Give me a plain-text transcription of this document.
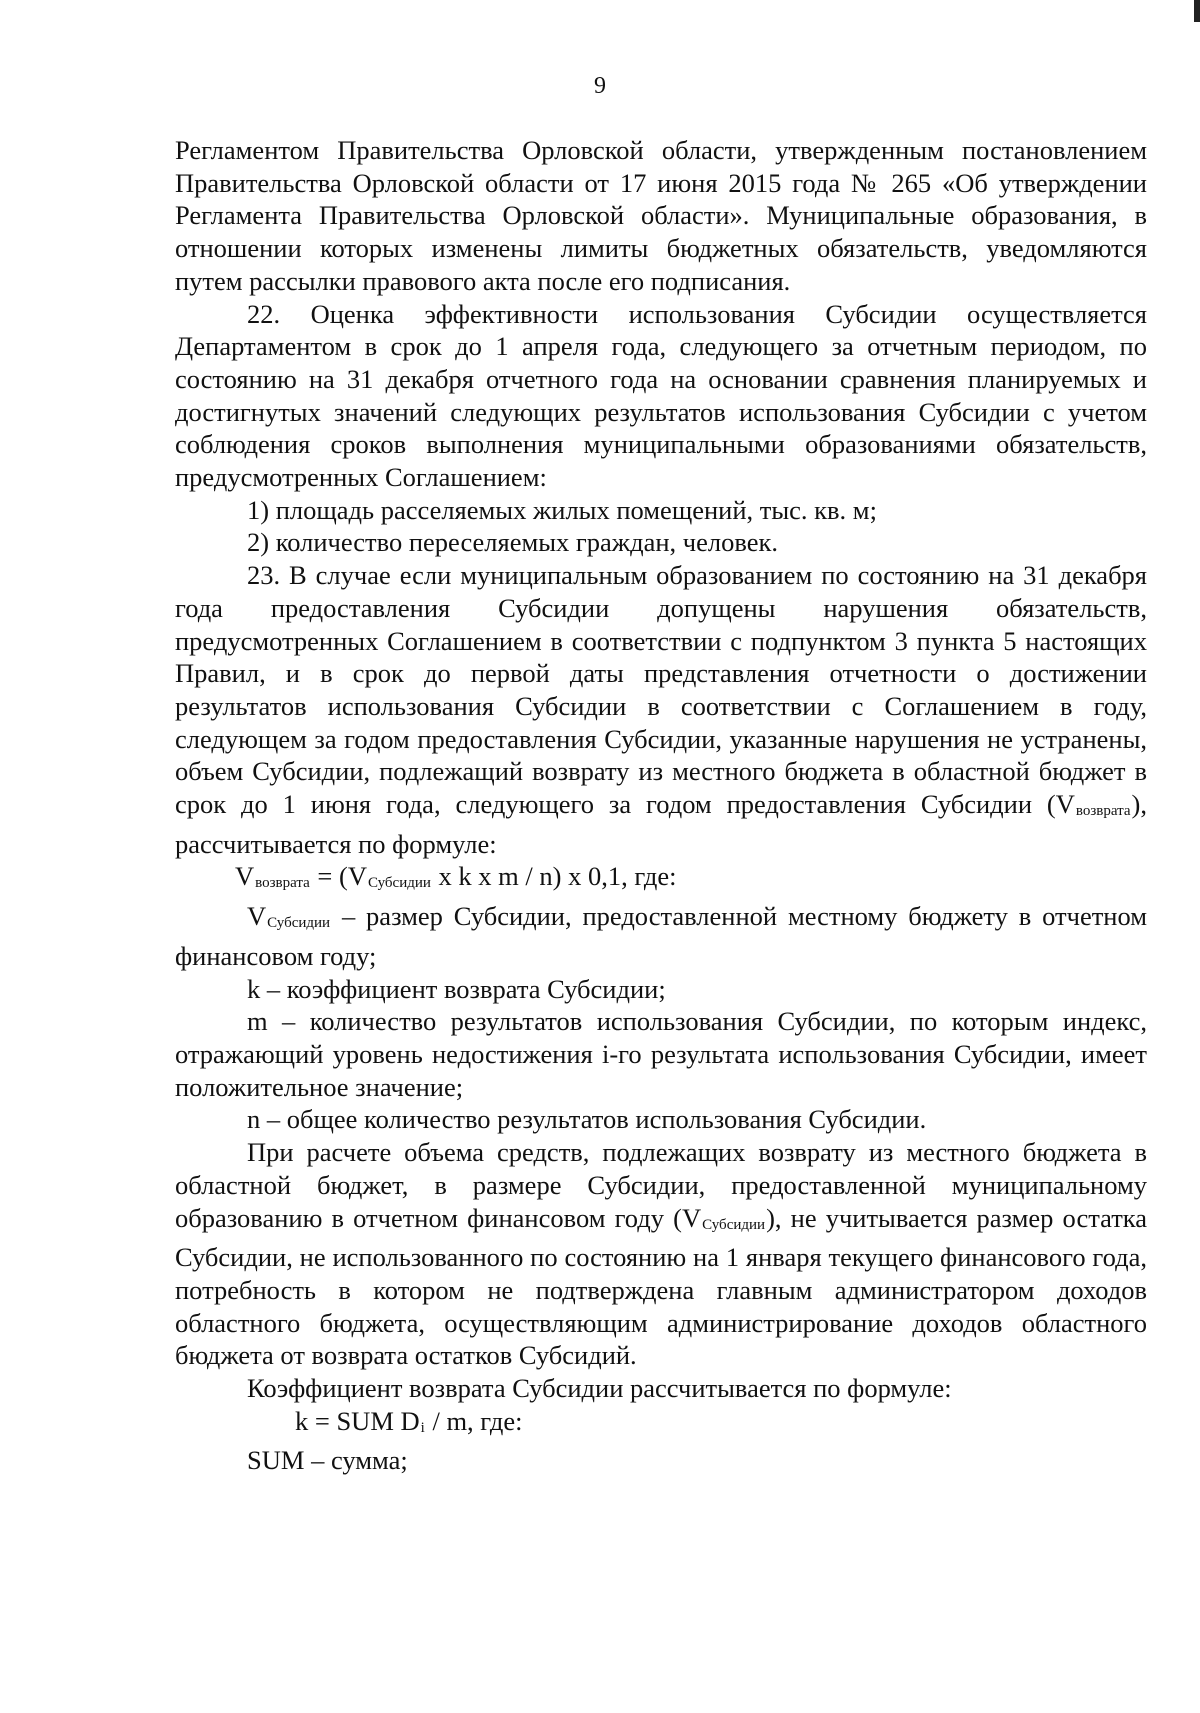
9

Регламентом Правительства Орловской области, утвержденным постановлением Правительства Орловской области от 17 июня 2015 года № 265 «Об утверждении Регламента Правительства Орловской области». Муниципальные образования, в отношении которых изменены лимиты бюджетных обязательств, уведомляются путем рассылки правового акта после его подписания.

22. Оценка эффективности использования Субсидии осуществляется Департаментом в срок до 1 апреля года, следующего за отчетным периодом, по состоянию на 31 декабря отчетного года на основании сравнения планируемых и достигнутых значений следующих результатов использования Субсидии с учетом соблюдения сроков выполнения муниципальными образованиями обязательств, предусмотренных Соглашением:

1) площадь расселяемых жилых помещений, тыс. кв. м;

2) количество переселяемых граждан, человек.

23. В случае если муниципальным образованием по состоянию на 31 декабря года предоставления Субсидии допущены нарушения обязательств, предусмотренных Соглашением в соответствии с подпунктом 3 пункта 5 настоящих Правил, и в срок до первой даты представления отчетности о достижении результатов использования Субсидии в соответствии с Соглашением в году, следующем за годом предоставления Субсидии, указанные нарушения не устранены, объем Субсидии, подлежащий возврату из местного бюджета в областной бюджет в срок до 1 июня года, следующего за годом предоставления Субсидии (Vвозврата), рассчитывается по формуле:

Vвозврата = (VСубсидии x k x m / n) x 0,1, где:

VСубсидии – размер Субсидии, предоставленной местному бюджету в отчетном финансовом году;

k – коэффициент возврата Субсидии;

m – количество результатов использования Субсидии, по которым индекс, отражающий уровень недостижения i-го результата использования Субсидии, имеет положительное значение;

n – общее количество результатов использования Субсидии.

При расчете объема средств, подлежащих возврату из местного бюджета в областной бюджет, в размере Субсидии, предоставленной муниципальному образованию в отчетном финансовом году (VСубсидии), не учитывается размер остатка Субсидии, не использованного по состоянию на 1 января текущего финансового года, потребность в котором не подтверждена главным администратором доходов областного бюджета, осуществляющим администрирование доходов областного бюджета от возврата остатков Субсидий.

Коэффициент возврата Субсидии рассчитывается по формуле:

k = SUM Di / m, где:

SUM – сумма;
